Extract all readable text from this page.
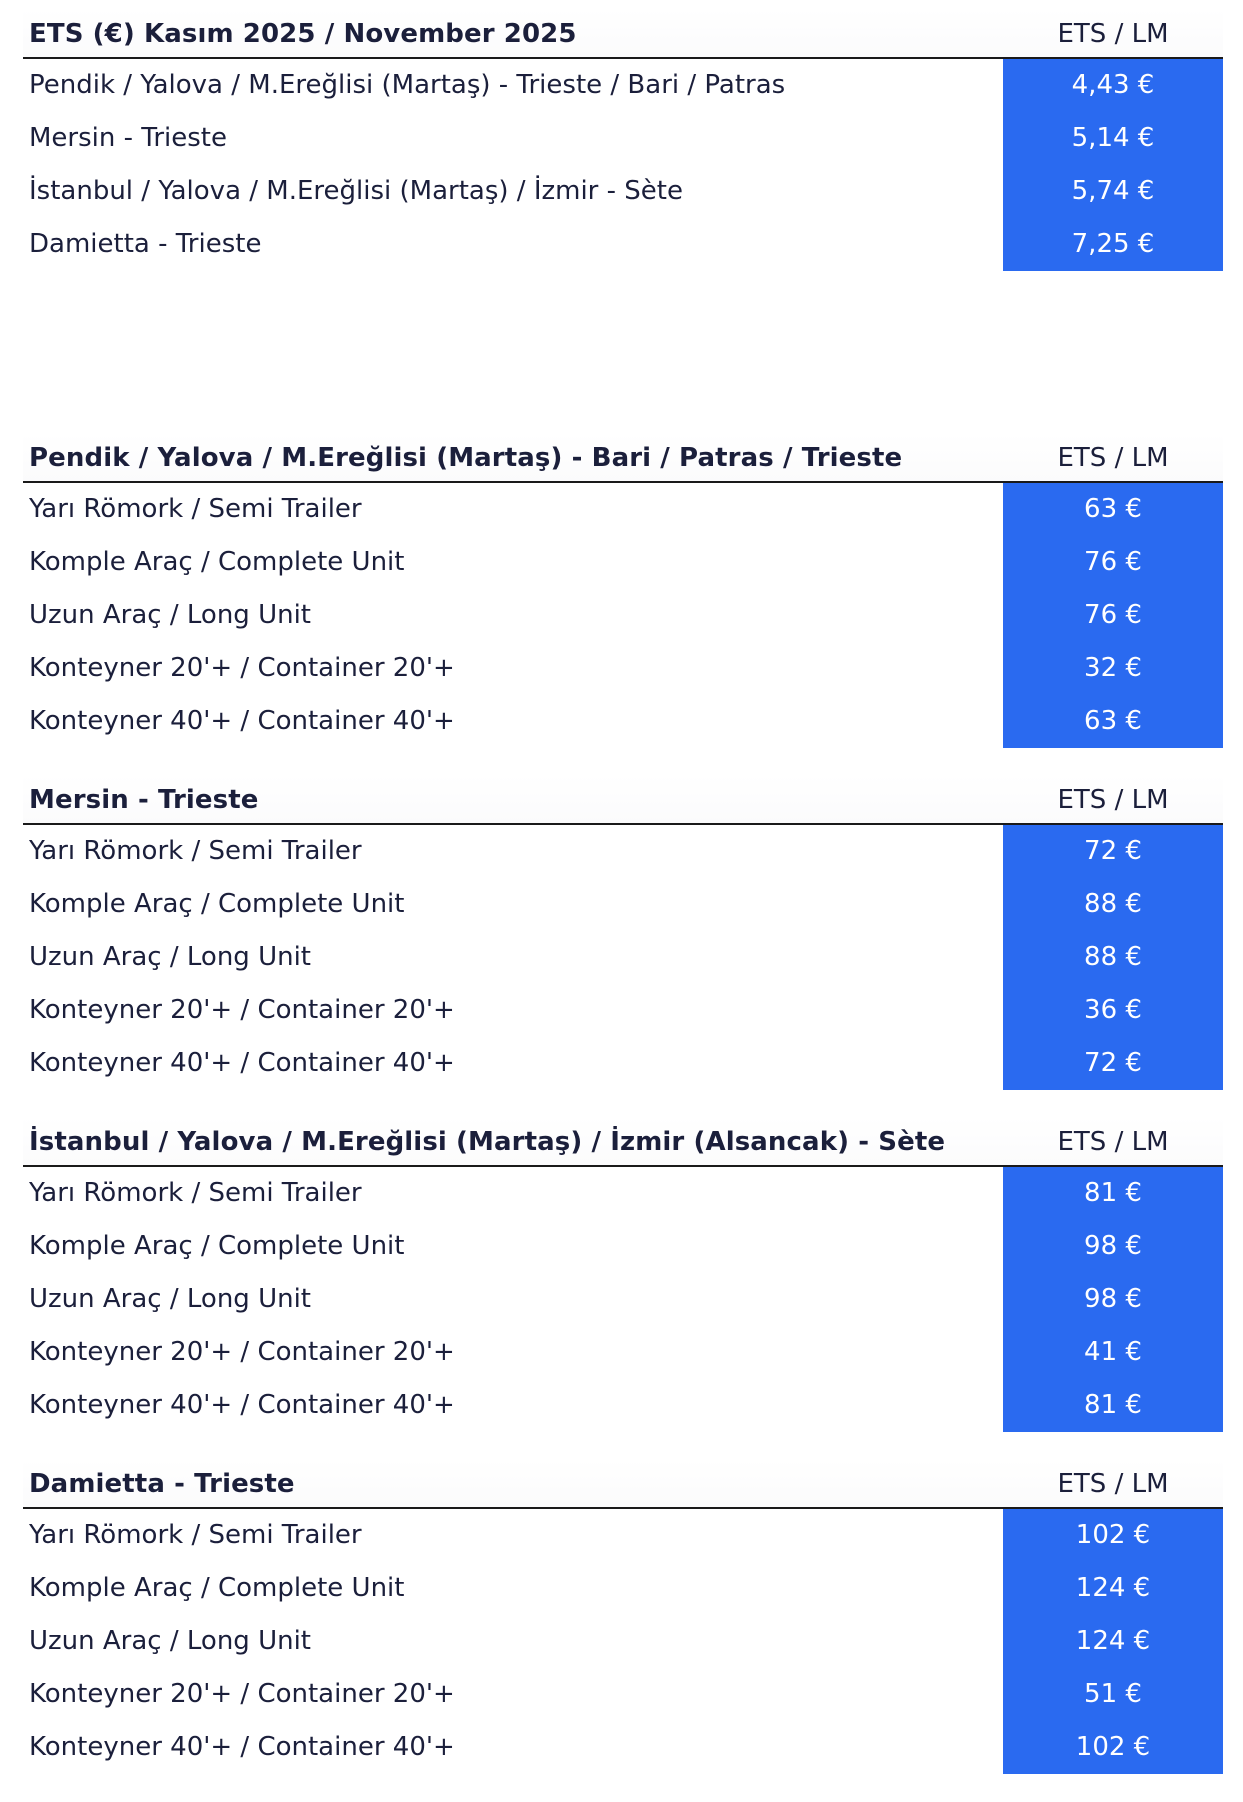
ETS (€) Kasım 2025 / November 2025	ETS / LM
Pendik / Yalova / M.Ereğlisi (Martaş) - Trieste / Bari / Patras	4,43 €
Mersin - Trieste	5,14 €
İstanbul / Yalova / M.Ereğlisi (Martaş) / İzmir - Sète	5,74 €
Damietta - Trieste	7,25 €
Pendik / Yalova / M.Ereğlisi (Martaş) - Bari / Patras / Trieste	ETS / LM
Yarı Römork / Semi Trailer	63 €
Komple Araç / Complete Unit	76 €
Uzun Araç / Long Unit	76 €
Konteyner 20'+ / Container 20'+	32 €
Konteyner 40'+ / Container 40'+	63 €
Mersin - Trieste	ETS / LM
Yarı Römork / Semi Trailer	72 €
Komple Araç / Complete Unit	88 €
Uzun Araç / Long Unit	88 €
Konteyner 20'+ / Container 20'+	36 €
Konteyner 40'+ / Container 40'+	72 €
İstanbul / Yalova / M.Ereğlisi (Martaş) / İzmir (Alsancak) - Sète	ETS / LM
Yarı Römork / Semi Trailer	81 €
Komple Araç / Complete Unit	98 €
Uzun Araç / Long Unit	98 €
Konteyner 20'+ / Container 20'+	41 €
Konteyner 40'+ / Container 40'+	81 €
Damietta - Trieste	ETS / LM
Yarı Römork / Semi Trailer	102 €
Komple Araç / Complete Unit	124 €
Uzun Araç / Long Unit	124 €
Konteyner 20'+ / Container 20'+	51 €
Konteyner 40'+ / Container 40'+	102 €
